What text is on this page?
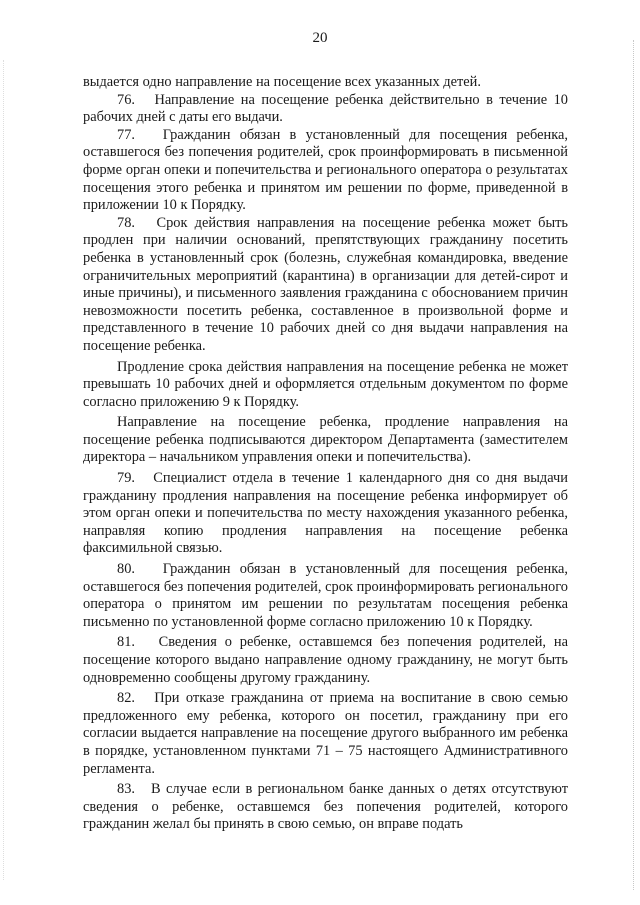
20

выдается одно направление на посещение всех указанных детей.

76.   Направление на посещение ребенка действительно в течение 10 рабочих дней с даты его выдачи.

77.   Гражданин обязан в установленный для посещения ребенка, оставшегося без попечения родителей, срок проинформировать в письменной форме орган опеки и попечительства и регионального оператора о результатах посещения этого ребенка и принятом им решении по форме, приведенной в приложении 10 к Порядку.

78.   Срок действия направления на посещение ребенка может быть продлен при наличии оснований, препятствующих гражданину посетить ребенка в установленный срок (болезнь, служебная командировка, введение ограничительных мероприятий (карантина) в организации для детей-сирот и иные причины), и письменного заявления гражданина с обоснованием причин невозможности посетить ребенка, составленное в произвольной форме и представленного в течение 10 рабочих дней со дня выдачи направления на посещение ребенка.

Продление срока действия направления на посещение ребенка не может превышать 10 рабочих дней и оформляется отдельным документом по форме согласно приложению 9 к Порядку.

Направление на посещение ребенка, продление направления на посещение ребенка подписываются директором Департамента (заместителем директора – начальником управления опеки и попечительства).

79.   Специалист отдела в течение 1 календарного дня со дня выдачи гражданину продления направления на посещение ребенка информирует об этом орган опеки и попечительства по месту нахождения указанного ребенка, направляя копию продления направления на посещение ребенка факсимильной связью.

80.   Гражданин обязан в установленный для посещения ребенка, оставшегося без попечения родителей, срок проинформировать регионального оператора о принятом им решении по результатам посещения ребенка письменно по установленной форме согласно приложению 10 к Порядку.

81.   Сведения о ребенке, оставшемся без попечения родителей, на посещение которого выдано направление одному гражданину, не могут быть одновременно сообщены другому гражданину.

82.   При отказе гражданина от приема на воспитание в свою семью предложенного ему ребенка, которого он посетил, гражданину при его согласии выдается направление на посещение другого выбранного им ребенка в порядке, установленном пунктами 71 – 75 настоящего Административного регламента.

83.   В случае если в региональном банке данных о детях отсутствуют сведения о ребенке, оставшемся без попечения родителей, которого гражданин желал бы принять в свою семью, он вправе подать
